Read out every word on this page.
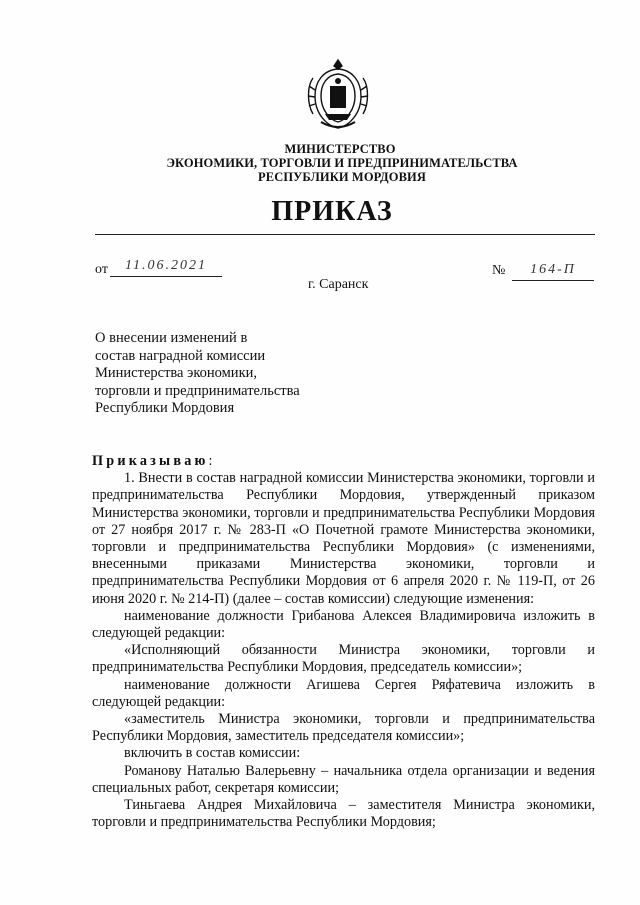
МИНИСТЕРСТВО
ЭКОНОМИКИ, ТОРГОВЛИ И ПРЕДПРИНИМАТЕЛЬСТВА
РЕСПУБЛИКИ МОРДОВИЯ
ПРИКАЗ
от	11.06.2021	№	164-П
г. Саранск
О внесении изменений в
состав наградной комиссии
Министерства экономики,
торговли и предпринимательства
Республики Мордовия

Приказываю:

1. Внести в состав наградной комиссии Министерства экономики, торговли и предпринимательства Республики Мордовия, утвержденный приказом Министерства экономики, торговли и предпринимательства Республики Мордовия от 27 ноября 2017 г. № 283-П «О Почетной грамоте Министерства экономики, торговли и предпринимательства Республики Мордовия» (с изменениями, внесенными приказами Министерства экономики, торговли и предпринимательства Республики Мордовия от 6 апреля 2020 г. № 119-П, от 26 июня 2020 г. № 214-П) (далее – состав комиссии) следующие изменения:

наименование должности Грибанова Алексея Владимировича изложить в следующей редакции:

«Исполняющий обязанности Министра экономики, торговли и предпринимательства Республики Мордовия, председатель комиссии»;

наименование должности Агишева Сергея Ряфатевича изложить в следующей редакции:

«заместитель Министра экономики, торговли и предпринимательства Республики Мордовия, заместитель председателя комиссии»;

включить в состав комиссии:

Романову Наталью Валерьевну – начальника отдела организации и ведения специальных работ, секретаря комиссии;

Тиньгаева Андрея Михайловича – заместителя Министра экономики, торговли и предпринимательства Республики Мордовия;
